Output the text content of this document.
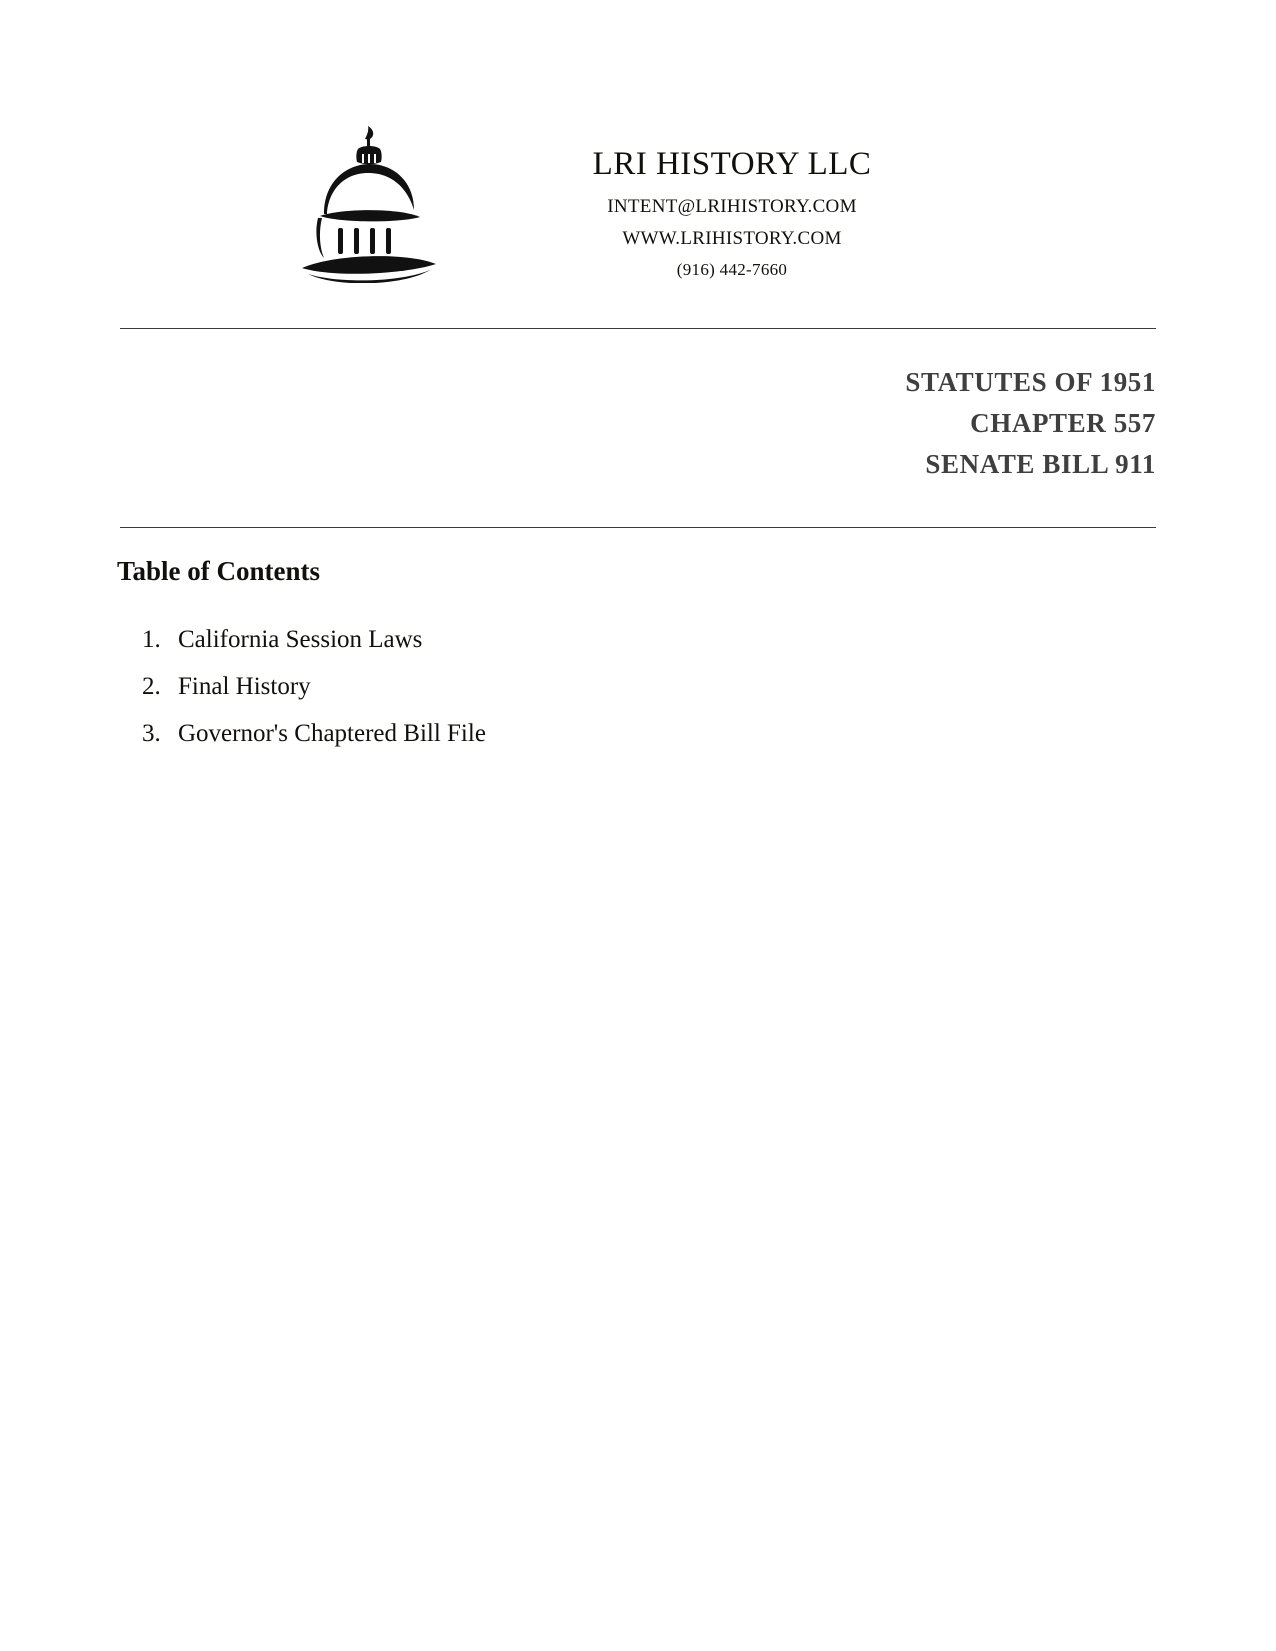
LRI HISTORY LLC
INTENT@LRIHISTORY.COM
WWW.LRIHISTORY.COM
(916) 442-7660
STATUTES OF 1951
CHAPTER 557
SENATE BILL 911
Table of Contents
1. California Session Laws
2. Final History
3. Governor's Chaptered Bill File
